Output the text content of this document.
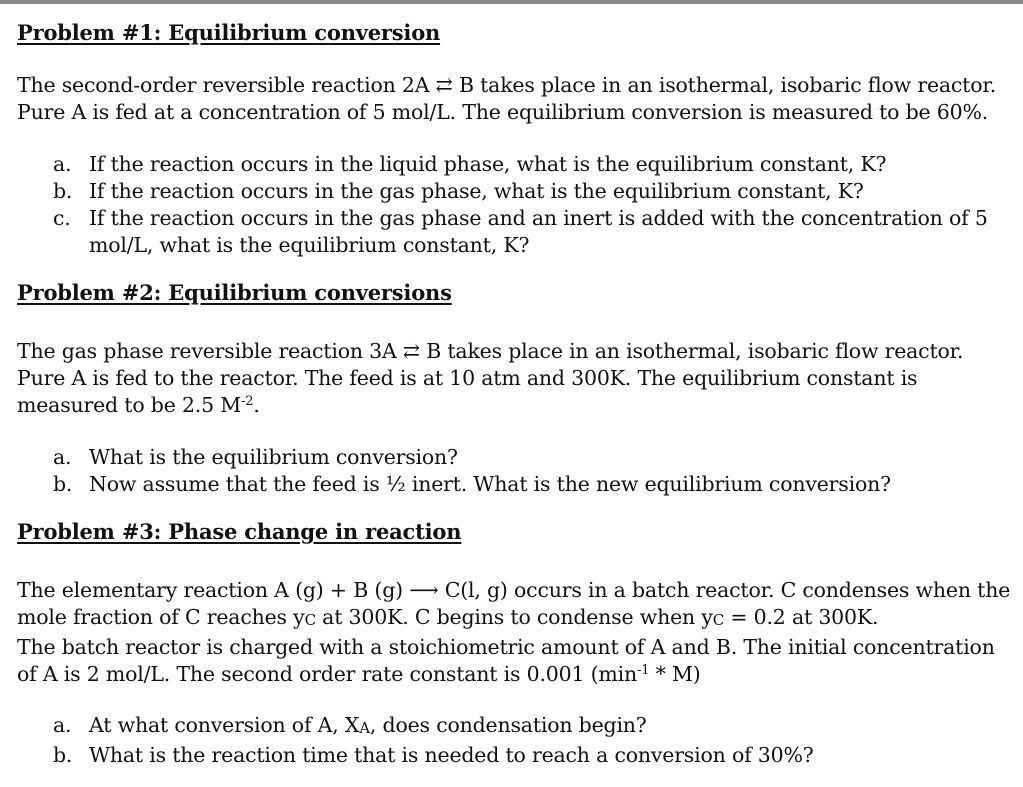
Problem #1: Equilibrium conversion

The second-order reversible reaction 2A ⇄ B takes place in an isothermal, isobaric flow reactor. Pure A is fed at a concentration of 5 mol/L. The equilibrium conversion is measured to be 60%.

a. If the reaction occurs in the liquid phase, what is the equilibrium constant, K?
b. If the reaction occurs in the gas phase, what is the equilibrium constant, K?
c. If the reaction occurs in the gas phase and an inert is added with the concentration of 5 mol/L, what is the equilibrium constant, K?
Problem #2: Equilibrium conversions

The gas phase reversible reaction 3A ⇄ B takes place in an isothermal, isobaric flow reactor. Pure A is fed to the reactor. The feed is at 10 atm and 300K. The equilibrium constant is measured to be 2.5 $M^{-2}$.

a. What is the equilibrium conversion?
b. Now assume that the feed is ½ inert. What is the new equilibrium conversion?
Problem #3: Phase change in reaction

The elementary reaction A (g) + B (g) ⟶ C(l, g) occurs in a batch reactor. C condenses when the mole fraction of C reaches yC at 300K. C begins to condense when yC = 0.2 at 300K.

The batch reactor is charged with a stoichiometric amount of A and B. The initial concentration of A is 2 mol/L. The second order rate constant is 0.001 $(\min^{-1} * M)$

a. At what conversion of A, XA, does condensation begin?
b. What is the reaction time that is needed to reach a conversion of 30%?
